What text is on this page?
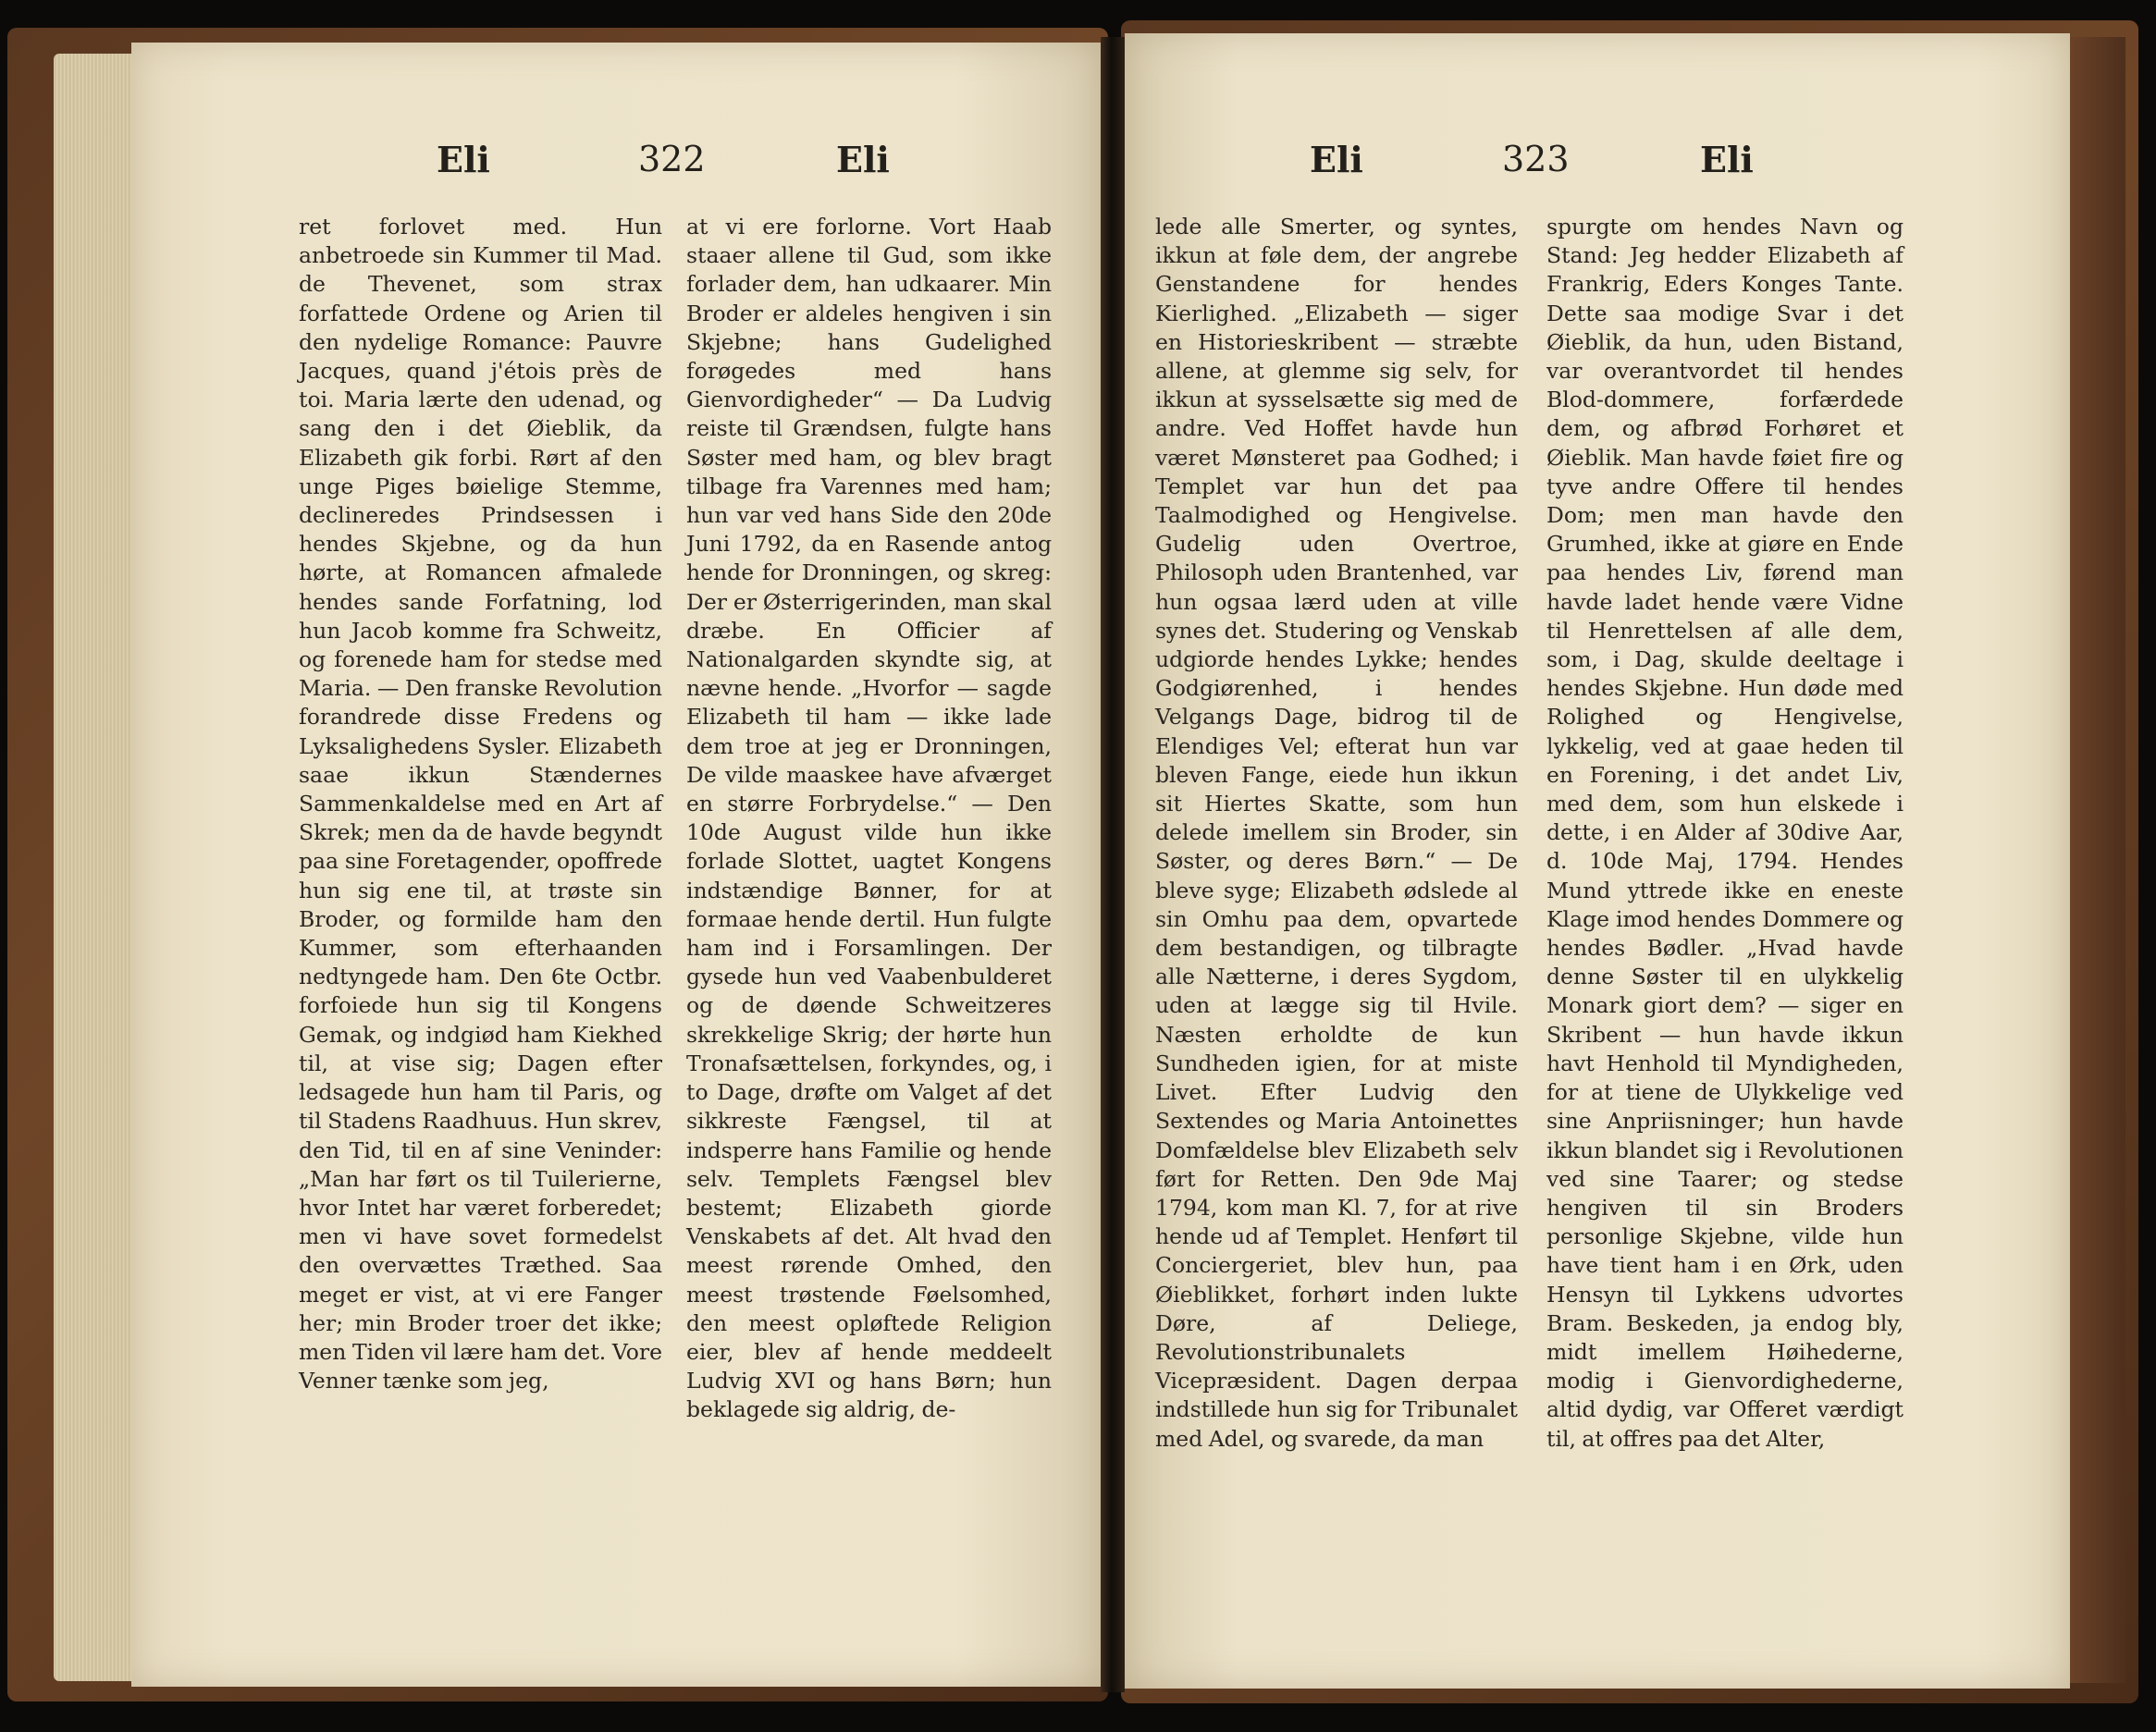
Eli	322	Eli	Eli	323	Eli

ret forlovet med. Hun anbetroede sin Kummer til Mad. de Thevenet, som strax forfattede Ordene og Arien til den nydelige Romance: Pauvre Jacques, quand j'étois près de toi. Maria lærte den udenad, og sang den i det Øieblik, da Elizabeth gik forbi. Rørt af den unge Piges bøielige Stemme, declineredes Prindsessen i hendes Skjebne, og da hun hørte, at Romancen afmalede hendes sande Forfatning, lod hun Jacob komme fra Schweitz, og forenede ham for stedse med Maria. — Den franske Revolution forandrede disse Fredens og Lyksalighedens Sysler. Elizabeth saae ikkun Stændernes Sammenkaldelse med en Art af Skrek; men da de havde begyndt paa sine Foretagender, opoffrede hun sig ene til, at trøste sin Broder, og formilde ham den Kummer, som efterhaanden nedtyngede ham. Den 6te Octbr. forfoiede hun sig til Kongens Gemak, og indgiød ham Kiekhed til, at vise sig; Dagen efter ledsagede hun ham til Paris, og til Stadens Raadhuus. Hun skrev, den Tid, til en af sine Veninder: „Man har ført os til Tuilerierne, hvor Intet har været forberedet; men vi have sovet formedelst den overvættes Træthed. Saa meget er vist, at vi ere Fanger her; min Broder troer det ikke; men Tiden vil lære ham det. Vore Venner tænke som jeg,

at vi ere forlorne. Vort Haab staaer allene til Gud, som ikke forlader dem, han udkaarer. Min Broder er aldeles hengiven i sin Skjebne; hans Gudelighed forøgedes med hans Gienvordigheder“ — Da Ludvig reiste til Grændsen, fulgte hans Søster med ham, og blev bragt tilbage fra Varennes med ham; hun var ved hans Side den 20de Juni 1792, da en Rasende antog hende for Dronningen, og skreg: Der er Østerrigerinden, man skal dræbe. En Officier af Nationalgarden skyndte sig, at nævne hende. „Hvorfor — sagde Elizabeth til ham — ikke lade dem troe at jeg er Dronningen, De vilde maaskee have afværget en større Forbrydelse.“ — Den 10de August vilde hun ikke forlade Slottet, uagtet Kongens indstændige Bønner, for at formaae hende dertil. Hun fulgte ham ind i Forsamlingen. Der gysede hun ved Vaabenbulderet og de døende Schweitzeres skrekkelige Skrig; der hørte hun Tronafsættelsen, forkyndes, og, i to Dage, drøfte om Valget af det sikkreste Fængsel, til at indsperre hans Familie og hende selv. Templets Fængsel blev bestemt; Elizabeth giorde Venskabets af det. Alt hvad den meest rørende Omhed, den meest trøstende Føelsomhed, den meest opløftede Religion eier, blev af hende meddeelt Ludvig XVI og hans Børn; hun beklagede sig aldrig, de-

lede alle Smerter, og syntes, ikkun at føle dem, der angrebe Genstandene for hendes Kierlighed. „Elizabeth — siger en Historieskribent — stræbte allene, at glemme sig selv, for ikkun at sysselsætte sig med de andre. Ved Hoffet havde hun været Mønsteret paa Godhed; i Templet var hun det paa Taalmodighed og Hengivelse. Gudelig uden Overtroe, Philosoph uden Brantenhed, var hun ogsaa lærd uden at ville synes det. Studering og Venskab udgiorde hendes Lykke; hendes Godgiørenhed, i hendes Velgangs Dage, bidrog til de Elendiges Vel; efterat hun var bleven Fange, eiede hun ikkun sit Hiertes Skatte, som hun delede imellem sin Broder, sin Søster, og deres Børn.“ — De bleve syge; Elizabeth ødslede al sin Omhu paa dem, opvartede dem bestandigen, og tilbragte alle Nætterne, i deres Sygdom, uden at lægge sig til Hvile. Næsten erholdte de kun Sundheden igien, for at miste Livet. Efter Ludvig den Sextendes og Maria Antoinettes Domfældelse blev Elizabeth selv ført for Retten. Den 9de Maj 1794, kom man Kl. 7, for at rive hende ud af Templet. Henført til Conciergeriet, blev hun, paa Øieblikket, forhørt inden lukte Døre, af Deliege, Revolutionstribunalets Vicepræsident. Dagen derpaa indstillede hun sig for Tribunalet med Adel, og svarede, da man

spurgte om hendes Navn og Stand: Jeg hedder Elizabeth af Frankrig, Eders Konges Tante. Dette saa modige Svar i det Øieblik, da hun, uden Bistand, var overantvordet til hendes Blod-dommere, forfærdede dem, og afbrød Forhøret et Øieblik. Man havde føiet fire og tyve andre Offere til hendes Dom; men man havde den Grumhed, ikke at giøre en Ende paa hendes Liv, førend man havde ladet hende være Vidne til Henrettelsen af alle dem, som, i Dag, skulde deeltage i hendes Skjebne. Hun døde med Rolighed og Hengivelse, lykkelig, ved at gaae heden til en Forening, i det andet Liv, med dem, som hun elskede i dette, i en Alder af 30dive Aar, d. 10de Maj, 1794. Hendes Mund yttrede ikke en eneste Klage imod hendes Dommere og hendes Bødler. „Hvad havde denne Søster til en ulykkelig Monark giort dem? — siger en Skribent — hun havde ikkun havt Henhold til Myndigheden, for at tiene de Ulykkelige ved sine Anpriisninger; hun havde ikkun blandet sig i Revolutionen ved sine Taarer; og stedse hengiven til sin Broders personlige Skjebne, vilde hun have tient ham i en Ørk, uden Hensyn til Lykkens udvortes Bram. Beskeden, ja endog bly, midt imellem Høihederne, modig i Gienvordighederne, altid dydig, var Offeret værdigt til, at offres paa det Alter,
